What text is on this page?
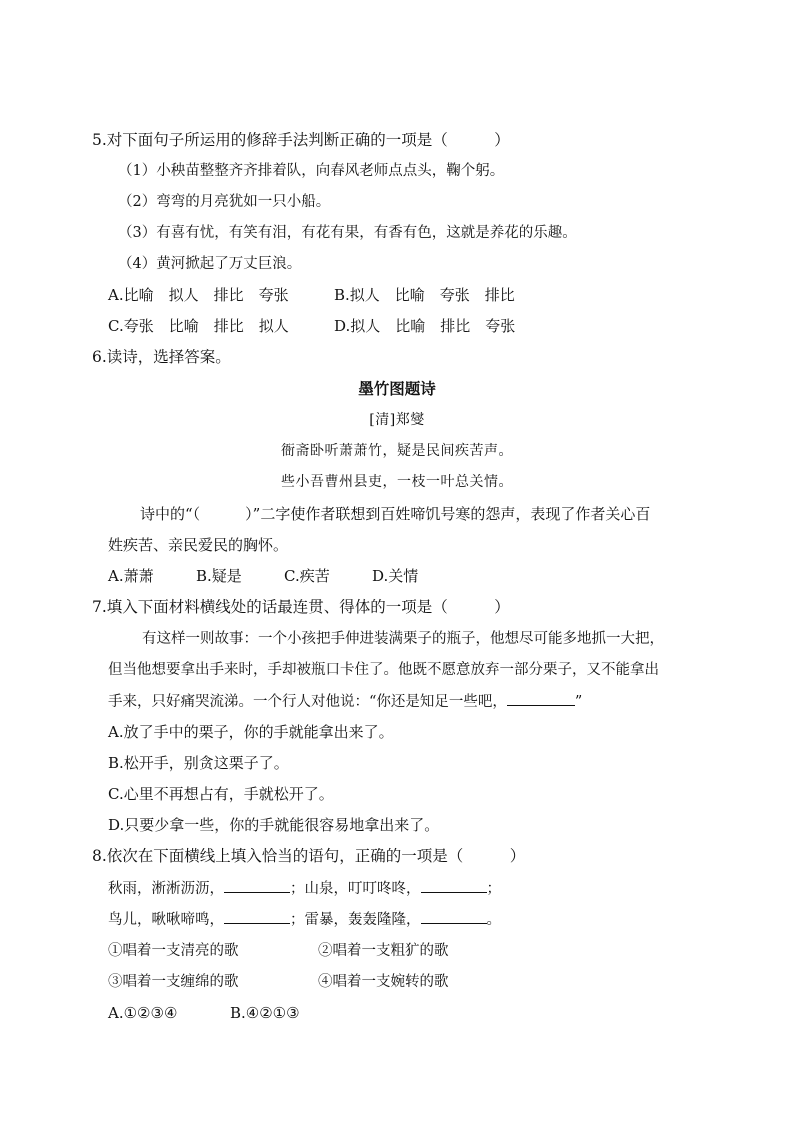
5.对下面句子所运用的修辞手法判断正确的一项是（　　　）
（1）小秧苗整整齐齐排着队，向春风老师点点头，鞠个躬。
（2）弯弯的月亮犹如一只小船。
（3）有喜有忧，有笑有泪，有花有果，有香有色，这就是养花的乐趣。
（4）黄河掀起了万丈巨浪。
A.比喻　拟人　排比　夸张	B.拟人　比喻　夸张　排比
C.夸张　比喻　排比　拟人	D.拟人　比喻　排比　夸张
6.读诗，选择答案。
墨竹图题诗
[清]郑燮
衙斋卧听萧萧竹，疑是民间疾苦声。
些小吾曹州县吏，一枝一叶总关情。
诗中的“（　　　）”二字使作者联想到百姓啼饥号寒的怨声，表现了作者关心百
姓疾苦、亲民爱民的胸怀。
A.萧萧	B.疑是	C.疾苦	D.关情
7.填入下面材料横线处的话最连贯、得体的一项是（　　　）
有这样一则故事：一个小孩把手伸进装满栗子的瓶子，他想尽可能多地抓一大把，
但当他想要拿出手来时，手却被瓶口卡住了。他既不愿意放弃一部分栗子，又不能拿出
手来，只好痛哭流涕。一个行人对他说：“你还是知足一些吧，	”
A.放了手中的栗子，你的手就能拿出来了。
B.松开手，别贪这栗子了。
C.心里不再想占有，手就松开了。
D.只要少拿一些，你的手就能很容易地拿出来了。
8.依次在下面横线上填入恰当的语句，正确的一项是（　　　）
秋雨，淅淅沥沥，	；山泉，叮叮咚咚，	；
鸟儿，啾啾啼鸣，	；雷暴，轰轰隆隆，	。
①唱着一支清亮的歌	②唱着一支粗犷的歌
③唱着一支缠绵的歌	④唱着一支婉转的歌
A.①②③④	B.④②①③
